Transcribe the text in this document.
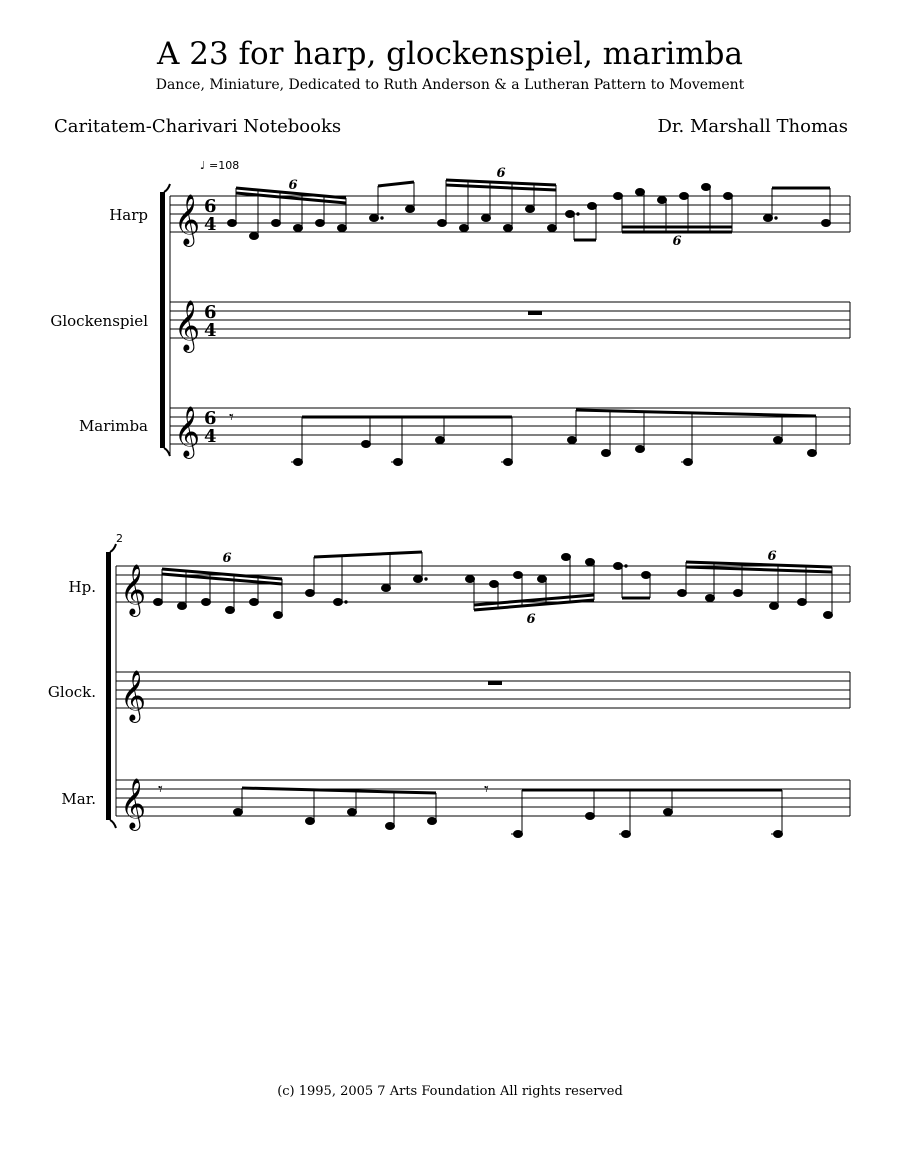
A 23 for harp, glockenspiel, marimba
Dance, Miniature, Dedicated to Ruth Anderson & a Lutheran Pattern to Movement
Caritatem-Charivari Notebooks	Dr. Marshall Thomas
♩ =108
Harp 𝄞 6
4
6
6
6
Glockenspiel 𝄞 6
4
Marimba 𝄞 6
4
𝄾
2
Hp. 𝄞
6
6
6
Glock. 𝄞
Mar. 𝄞 𝄾	𝄾
(c) 1995, 2005 7 Arts Foundation All rights reserved
